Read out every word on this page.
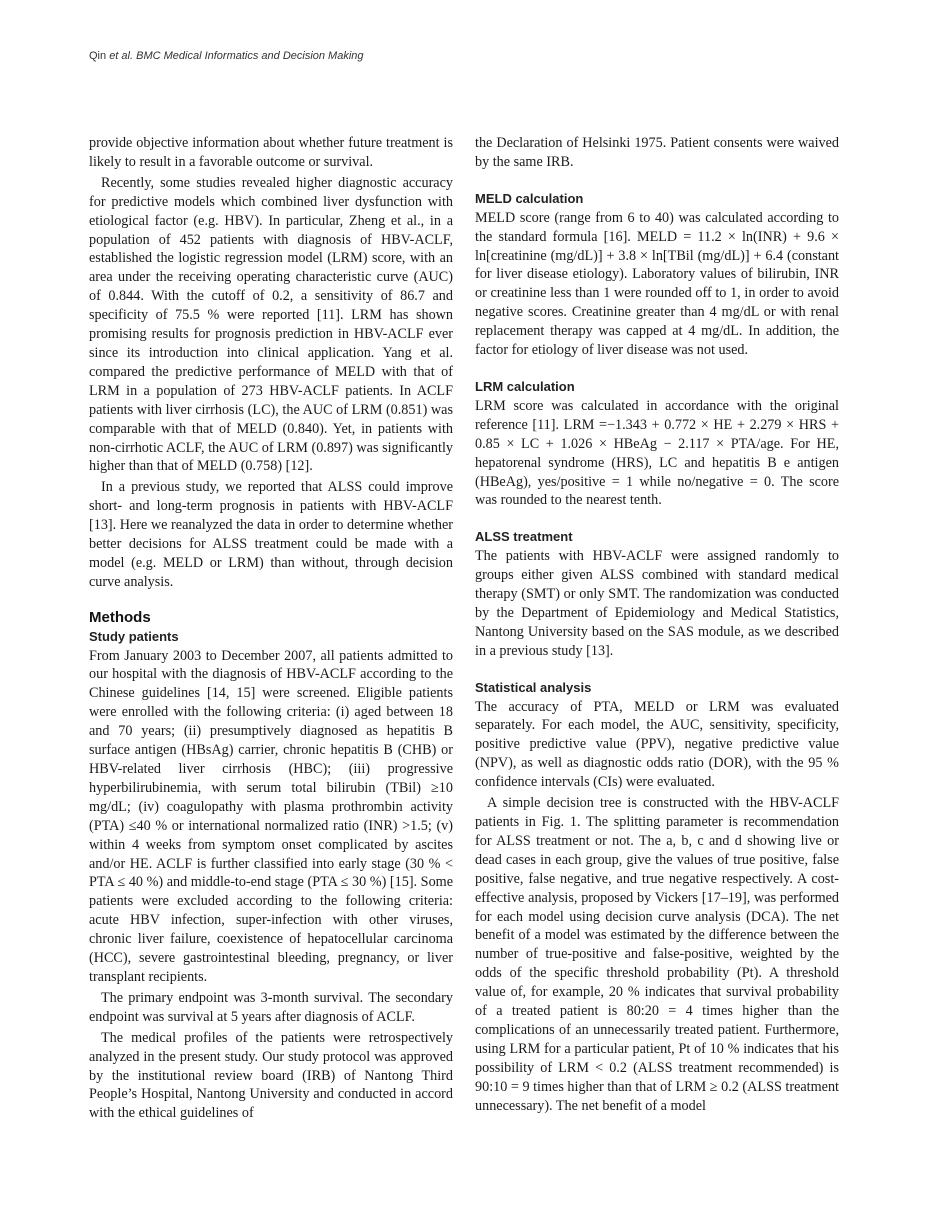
Qin et al. BMC Medical Informatics and Decision Making

provide objective information about whether future treatment is likely to result in a favorable outcome or survival.

Recently, some studies revealed higher diagnostic accuracy for predictive models which combined liver dysfunction with etiological factor (e.g. HBV). In particular, Zheng et al., in a population of 452 patients with diagnosis of HBV-ACLF, established the logistic regression model (LRM) score, with an area under the receiving operating characteristic curve (AUC) of 0.844. With the cutoff of 0.2, a sensitivity of 86.7 and specificity of 75.5 % were reported [11]. LRM has shown promising results for prognosis prediction in HBV-ACLF ever since its introduction into clinical application. Yang et al. compared the predictive performance of MELD with that of LRM in a population of 273 HBV-ACLF patients. In ACLF patients with liver cirrhosis (LC), the AUC of LRM (0.851) was comparable with that of MELD (0.840). Yet, in patients with non-cirrhotic ACLF, the AUC of LRM (0.897) was significantly higher than that of MELD (0.758) [12].

In a previous study, we reported that ALSS could improve short- and long-term prognosis in patients with HBV-ACLF [13]. Here we reanalyzed the data in order to determine whether better decisions for ALSS treatment could be made with a model (e.g. MELD or LRM) than without, through decision curve analysis.

Methods
Study patients

From January 2003 to December 2007, all patients admitted to our hospital with the diagnosis of HBV-ACLF according to the Chinese guidelines [14, 15] were screened. Eligible patients were enrolled with the following criteria: (i) aged between 18 and 70 years; (ii) presumptively diagnosed as hepatitis B surface antigen (HBsAg) carrier, chronic hepatitis B (CHB) or HBV-related liver cirrhosis (HBC); (iii) progressive hyperbilirubinemia, with serum total bilirubin (TBil) ≥10 mg/dL; (iv) coagulopathy with plasma prothrombin activity (PTA) ≤40 % or international normalized ratio (INR) >1.5; (v) within 4 weeks from symptom onset complicated by ascites and/or HE. ACLF is further classified into early stage (30 % < PTA ≤ 40 %) and middle-to-end stage (PTA ≤ 30 %) [15]. Some patients were excluded according to the following criteria: acute HBV infection, super-infection with other viruses, chronic liver failure, coexistence of hepatocellular carcinoma (HCC), severe gastrointestinal bleeding, pregnancy, or liver transplant recipients.

The primary endpoint was 3-month survival. The secondary endpoint was survival at 5 years after diagnosis of ACLF.

The medical profiles of the patients were retrospectively analyzed in the present study. Our study protocol was approved by the institutional review board (IRB) of Nantong Third People’s Hospital, Nantong University and conducted in accord with the ethical guidelines of

the Declaration of Helsinki 1975. Patient consents were waived by the same IRB.

MELD calculation

MELD score (range from 6 to 40) was calculated according to the standard formula [16]. MELD = 11.2 × ln(INR) + 9.6 × ln[creatinine (mg/dL)] + 3.8 × ln[TBil (mg/dL)] + 6.4 (constant for liver disease etiology). Laboratory values of bilirubin, INR or creatinine less than 1 were rounded off to 1, in order to avoid negative scores. Creatinine greater than 4 mg/dL or with renal replacement therapy was capped at 4 mg/dL. In addition, the factor for etiology of liver disease was not used.

LRM calculation

LRM score was calculated in accordance with the original reference [11]. LRM =−1.343 + 0.772 × HE + 2.279 × HRS + 0.85 × LC + 1.026 × HBeAg − 2.117 × PTA/age. For HE, hepatorenal syndrome (HRS), LC and hepatitis B e antigen (HBeAg), yes/positive = 1 while no/negative = 0. The score was rounded to the nearest tenth.

ALSS treatment

The patients with HBV-ACLF were assigned randomly to groups either given ALSS combined with standard medical therapy (SMT) or only SMT. The randomization was conducted by the Department of Epidemiology and Medical Statistics, Nantong University based on the SAS module, as we described in a previous study [13].

Statistical analysis

The accuracy of PTA, MELD or LRM was evaluated separately. For each model, the AUC, sensitivity, specificity, positive predictive value (PPV), negative predictive value (NPV), as well as diagnostic odds ratio (DOR), with the 95 % confidence intervals (CIs) were evaluated.

A simple decision tree is constructed with the HBV-ACLF patients in Fig. 1. The splitting parameter is recommendation for ALSS treatment or not. The a, b, c and d showing live or dead cases in each group, give the values of true positive, false positive, false negative, and true negative respectively. A cost-effective analysis, proposed by Vickers [17–19], was performed for each model using decision curve analysis (DCA). The net benefit of a model was estimated by the difference between the number of true-positive and false-positive, weighted by the odds of the specific threshold probability (Pt). A threshold value of, for example, 20 % indicates that survival probability of a treated patient is 80:20 = 4 times higher than the complications of an unnecessarily treated patient. Furthermore, using LRM for a particular patient, Pt of 10 % indicates that his possibility of LRM < 0.2 (ALSS treatment recommended) is 90:10 = 9 times higher than that of LRM ≥ 0.2 (ALSS treatment unnecessary). The net benefit of a model
